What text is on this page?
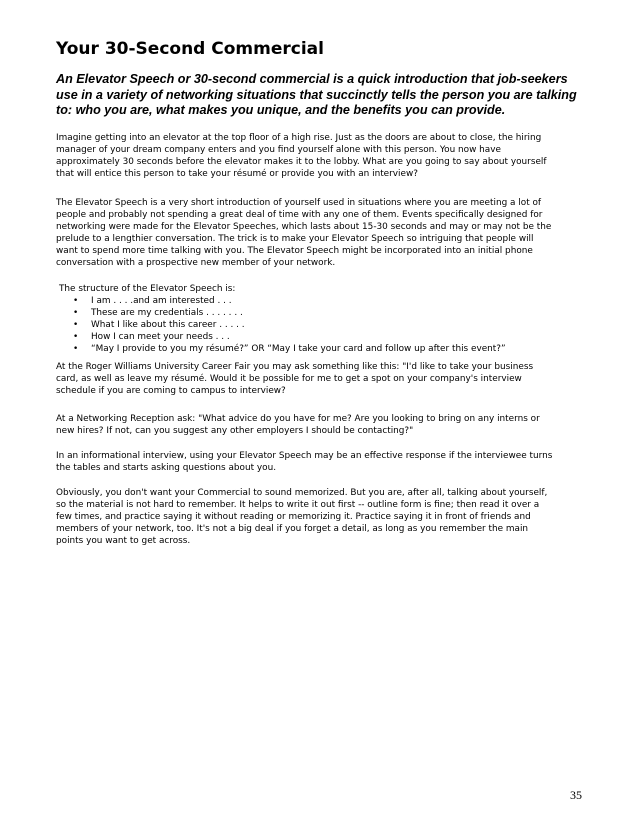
Your 30-Second Commercial
An Elevator Speech or 30-second commercial is a quick introduction that job-seekers
use in a variety of networking situations that succinctly tells the person you are talking
to: who you are, what makes you unique, and the benefits you can provide.
Imagine getting into an elevator at the top floor of a high rise. Just as the doors are about to close, the hiring
manager of your dream company enters and you find yourself alone with this person. You now have
approximately 30 seconds before the elevator makes it to the lobby. What are you going to say about yourself
that will entice this person to take your résumé or provide you with an interview?
The Elevator Speech is a very short introduction of yourself used in situations where you are meeting a lot of
people and probably not spending a great deal of time with any one of them. Events specifically designed for
networking were made for the Elevator Speeches, which lasts about 15-30 seconds and may or may not be the
prelude to a lengthier conversation. The trick is to make your Elevator Speech so intriguing that people will
want to spend more time talking with you. The Elevator Speech might be incorporated into an initial phone
conversation with a prospective new member of your network.
The structure of the Elevator Speech is:
• I am . . . .and am interested . . .
• These are my credentials . . . . . . .
• What I like about this career . . . . .
• How I can meet your needs . . .
• “May I provide to you my résumé?” OR “May I take your card and follow up after this event?”
At the Roger Williams University Career Fair you may ask something like this: "I'd like to take your business
card, as well as leave my résumé. Would it be possible for me to get a spot on your company's interview
schedule if you are coming to campus to interview?
At a Networking Reception ask: "What advice do you have for me? Are you looking to bring on any interns or
new hires? If not, can you suggest any other employers I should be contacting?"
In an informational interview, using your Elevator Speech may be an effective response if the interviewee turns
the tables and starts asking questions about you.
Obviously, you don't want your Commercial to sound memorized. But you are, after all, talking about yourself,
so the material is not hard to remember. It helps to write it out first -- outline form is fine; then read it over a
few times, and practice saying it without reading or memorizing it. Practice saying it in front of friends and
members of your network, too. It's not a big deal if you forget a detail, as long as you remember the main
points you want to get across.
35
